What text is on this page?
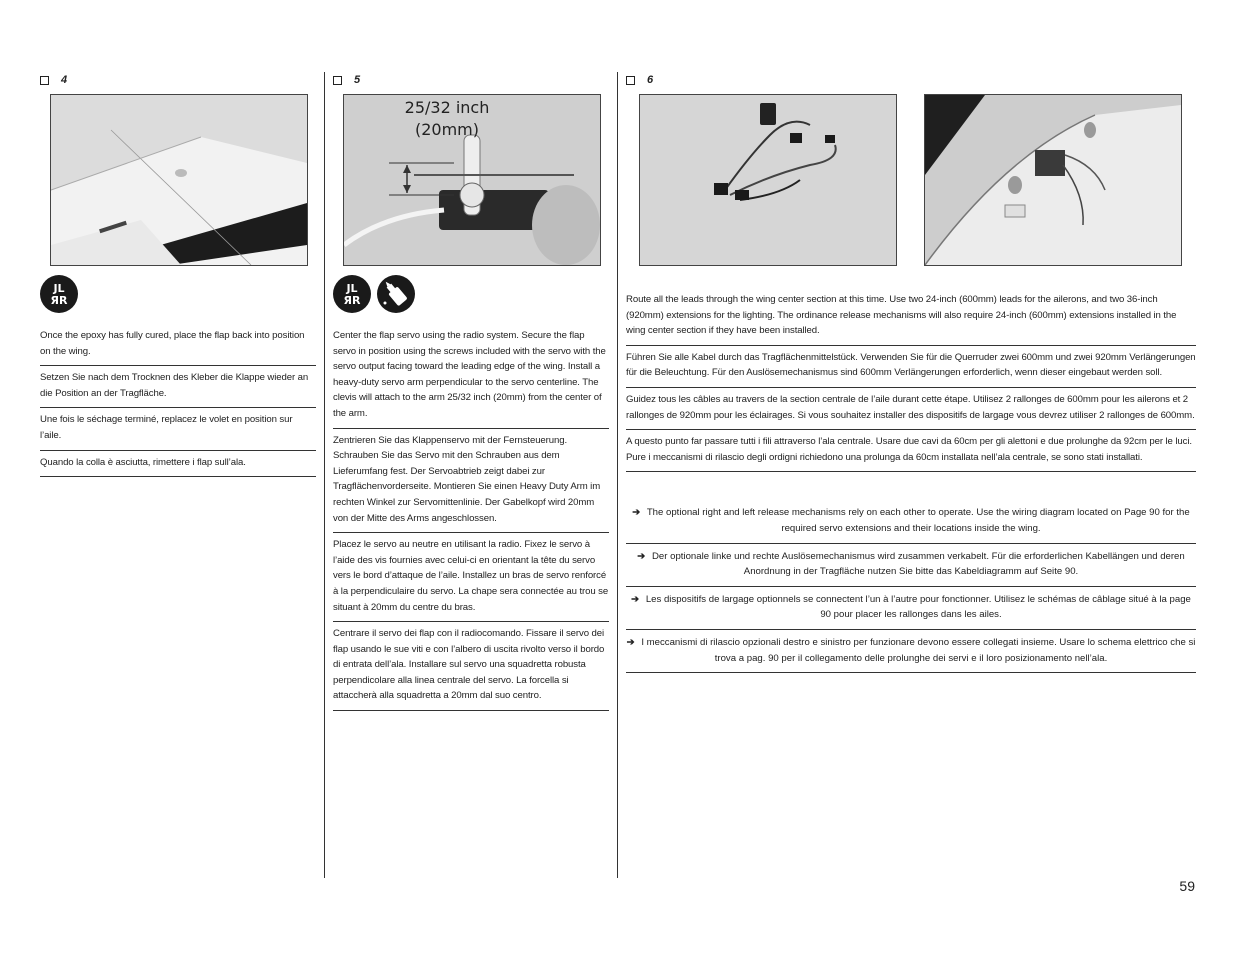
4
JL
ЯR
Once the epoxy has fully cured, place the flap back into position on the wing.
Setzen Sie nach dem Trocknen des Kleber die Klappe wieder an die Position an der Tragfläche.
Une fois le séchage terminé, replacez le volet en position sur l’aile.
Quando la colla è asciutta, rimettere i flap sull’ala.
5
25/32 inch
(20mm)
JL
ЯR
Center the flap servo using the radio system. Secure the flap servo in position using the screws included with the servo with the servo output facing toward the leading edge of the wing. Install a heavy-duty servo arm perpendicular to the servo centerline. The clevis will attach to the arm 25/32 inch (20mm) from the center of the arm.
Zentrieren Sie das Klappenservo mit der Fernsteuerung. Schrauben Sie das Servo mit den Schrauben aus dem Lieferumfang fest. Der Servoabtrieb zeigt dabei zur Tragflächenvorderseite. Montieren Sie einen Heavy Duty Arm im rechten Winkel zur Servomittenlinie. Der Gabelkopf wird 20mm von der Mitte des Arms angeschlossen.
Placez le servo au neutre en utilisant la radio. Fixez le servo à l’aide des vis fournies avec celui-ci en orientant la tête du servo vers le bord d’attaque de l’aile. Installez un bras de servo renforcé à la perpendiculaire du servo. La chape sera connectée au trou se situant à 20mm du centre du bras.
Centrare il servo dei flap con il radiocomando. Fissare il servo dei flap usando le sue viti e con l’albero di uscita rivolto verso il bordo di entrata dell’ala. Installare sul servo una squadretta robusta perpendicolare alla linea centrale del servo. La forcella si attaccherà alla squadretta a 20mm dal suo centro.
6
Route all the leads through the wing center section at this time. Use two 24-inch (600mm) leads for the ailerons, and two 36-inch (920mm) extensions for the lighting. The ordinance release mechanisms will also require 24-inch (600mm) extensions installed in the wing center section if they have been installed.
Führen Sie alle Kabel durch das Tragflächenmittelstück. Verwenden Sie für die Querruder zwei 600mm und zwei 920mm Verlängerungen für die Beleuchtung. Für den Auslösemechanismus sind 600mm Verlängerungen erforderlich, wenn dieser eingebaut werden soll.
Guidez tous les câbles au travers de la section centrale de l’aile durant cette étape. Utilisez 2 rallonges de 600mm pour les ailerons et 2 rallonges de 920mm pour les éclairages. Si vous souhaitez installer des dispositifs de largage vous devrez utiliser 2 rallonges de 600mm.
A questo punto far passare tutti i fili attraverso l’ala centrale. Usare due cavi da 60cm per gli alettoni e due prolunghe da 92cm per le luci. Pure i meccanismi di rilascio degli ordigni richiedono una prolunga da 60cm installata nell’ala centrale, se sono stati installati.
➔ The optional right and left release mechanisms rely on each other to operate. Use the wiring diagram located on Page 90 for the required servo extensions and their locations inside the wing.
➔ Der optionale linke und rechte Auslösemechanismus wird zusammen verkabelt. Für die erforderlichen Kabellängen und deren Anordnung in der Tragfläche nutzen Sie bitte das Kabeldiagramm auf Seite 90.
➔ Les dispositifs de largage optionnels se connectent l’un à l’autre pour fonctionner. Utilisez le schémas de câblage situé à la page 90 pour placer les rallonges dans les ailes.
➔ I meccanismi di rilascio opzionali destro e sinistro per funzionare devono essere collegati insieme. Usare lo schema elettrico che si trova a pag. 90 per il collegamento delle prolunghe dei servi e il loro posizionamento nell’ala.
59
